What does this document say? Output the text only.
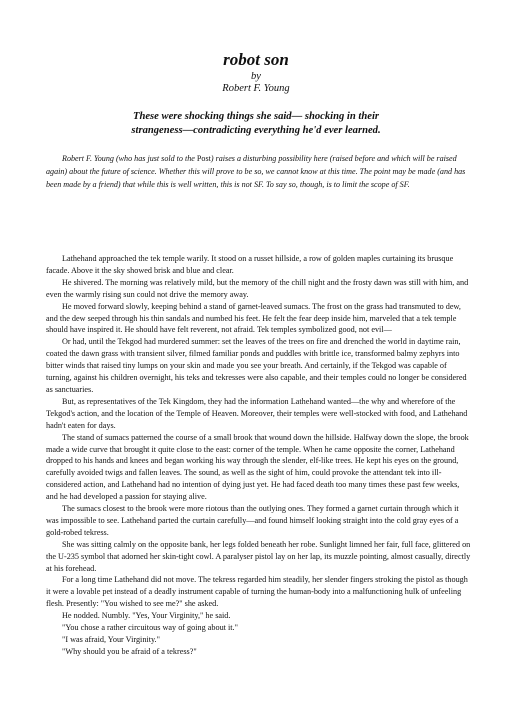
robot son
by
Robert F. Young
These were shocking things she said— shocking in their
strangeness—contradicting everything he'd ever learned.

Robert F. Young (who has just sold to the Post) raises a disturbing possibility here (raised before and which will be raised again) about the future of science. Whether this will prove to be so, we cannot know at this time. The point may be made (and has been made by a friend) that while this is well written, this is not SF. To say so, though, is to limit the scope of SF.

Lathehand approached the tek temple warily. It stood on a russet hillside, a row of golden maples curtaining its brusque facade. Above it the sky showed brisk and blue and clear.

He shivered. The morning was relatively mild, but the memory of the chill night and the frosty dawn was still with him, and even the warmly rising sun could not drive the memory away.

He moved forward slowly, keeping behind a stand of garnet-leaved sumacs. The frost on the grass had transmuted to dew, and the dew seeped through his thin sandals and numbed his feet. He felt the fear deep inside him, marveled that a tek temple should have inspired it. He should have felt reverent, not afraid. Tek temples symbolized good, not evil—

Or had, until the Tekgod had murdered summer: set the leaves of the trees on fire and drenched the world in daytime rain, coated the dawn grass with transient silver, filmed familiar ponds and puddles with brittle ice, transformed balmy zephyrs into bitter winds that raised tiny lumps on your skin and made you see your breath. And certainly, if the Tekgod was capable of turning, against his children overnight, his teks and tekresses were also capable, and their temples could no longer be considered as sanctuaries.

But, as representatives of the Tek Kingdom, they had the information Lathehand wanted—the why and wherefore of the Tekgod's action, and the location of the Temple of Heaven. Moreover, their temples were well-stocked with food, and Lathehand hadn't eaten for days.

The stand of sumacs patterned the course of a small brook that wound down the hillside. Halfway down the slope, the brook made a wide curve that brought it quite close to the east: corner of the temple. When he came opposite the corner, Lathehand dropped to his hands and knees and began working his way through the slender, elf-like trees. He kept his eyes on the ground, carefully avoided twigs and fallen leaves. The sound, as well as the sight of him, could provoke the attendant tek into ill-considered action, and Lathehand had no intention of dying just yet. He had faced death too many times these past few weeks, and he had developed a passion for staying alive.

The sumacs closest to the brook were more riotous than the outlying ones. They formed a garnet curtain through which it was impossible to see. Lathehand parted the curtain carefully—and found himself looking straight into the cold gray eyes of a gold-robed tekress.

She was sitting calmly on the opposite bank, her legs folded beneath her robe. Sunlight limned her fair, full face, glittered on the U-235 symbol that adorned her skin-tight cowl. A paralyser pistol lay on her lap, its muzzle pointing, almost casually, directly at his forehead.

For a long time Lathehand did not move. The tekress regarded him steadily, her slender fingers stroking the pistol as though it were a lovable pet instead of a deadly instrument capable of turning the human-body into a malfunctioning hulk of unfeeling flesh. Presently: "You wished to see me?" she asked.

He nodded. Numbly. "Yes, Your Virginity," he said.

"You chose a rather circuitous way of going about it."

"I was afraid, Your Virginity."

"Why should you be afraid of a tekress?"
